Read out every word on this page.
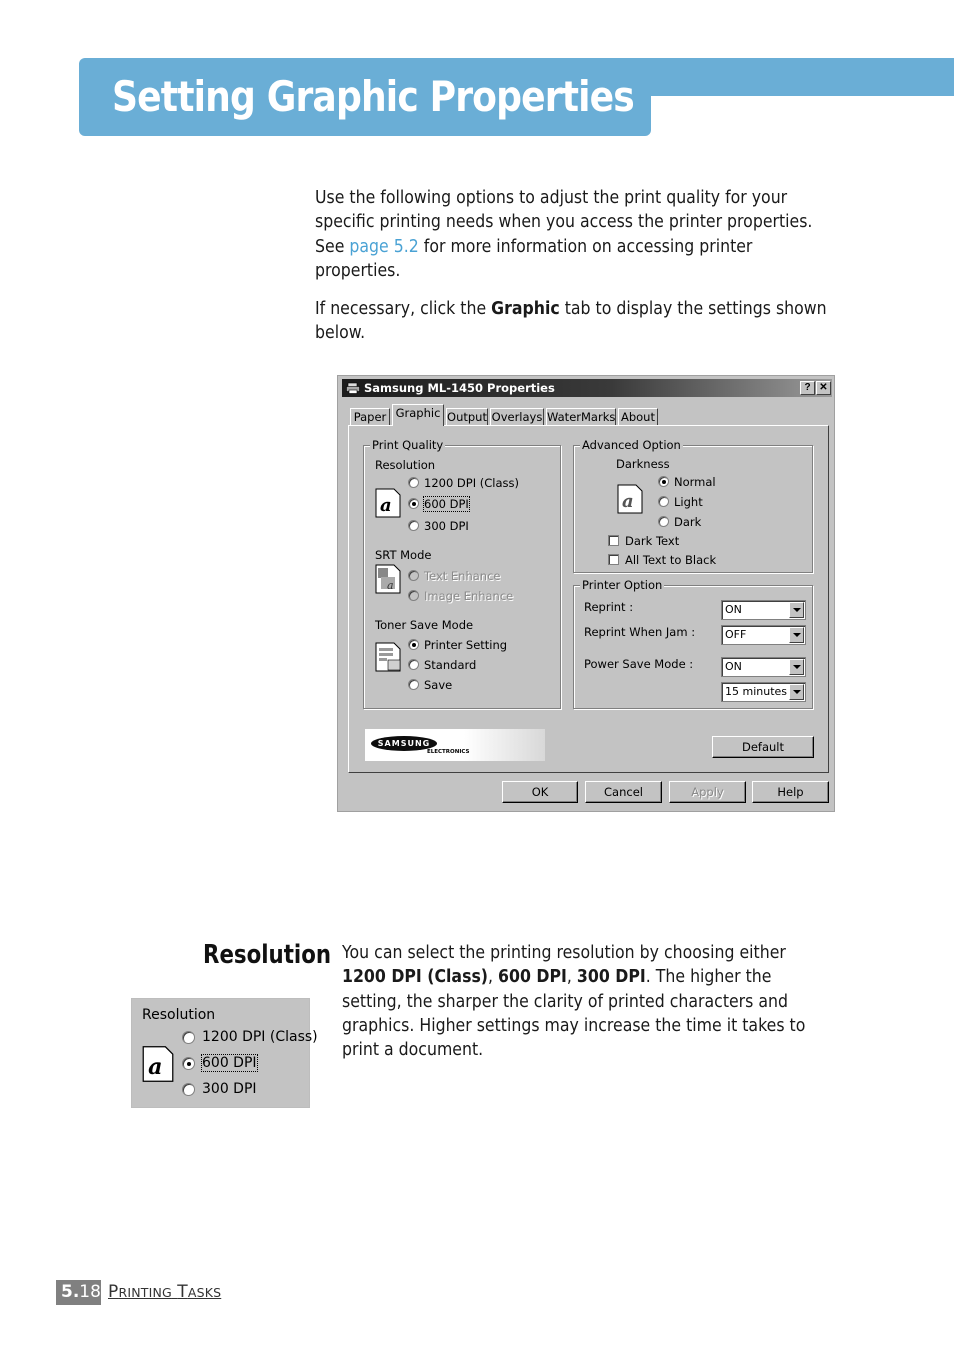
Setting Graphic Properties

Use the following options to adjust the print quality for your

specific printing needs when you access the printer properties.

See page 5.2 for more information on accessing printer

properties.

If necessary, click the Graphic tab to display the settings shown

below.

Samsung ML-1450 Properties	? ✕
Paper Graphic Output Overlays WaterMarks About
Print Quality
Resolution
a
1200 DPI (Class)
600 DPI
300 DPI
SRT Mode
a
Text Enhance
Image Enhance
Toner Save Mode
Printer Setting
Standard
Save
Advanced Option
Darkness
a
Normal
Light
Dark
Dark Text
All Text to Black
Printer Option
Reprint :	ON
Reprint When Jam :	OFF
Power Save Mode :	ON
15 minutes
SAMSUNG
ELECTRONICS	Default
OK	Cancel	Apply	Help
Resolution You can select the printing resolution by choosing either

1200 DPI (Class), 600 DPI, 300 DPI. The higher the

setting, the sharper the clarity of printed characters and

graphics. Higher settings may increase the time it takes to

print a document.

Resolution
a
1200 DPI (Class)
600 DPI
300 DPI
5.18 PRINTING TASKS
